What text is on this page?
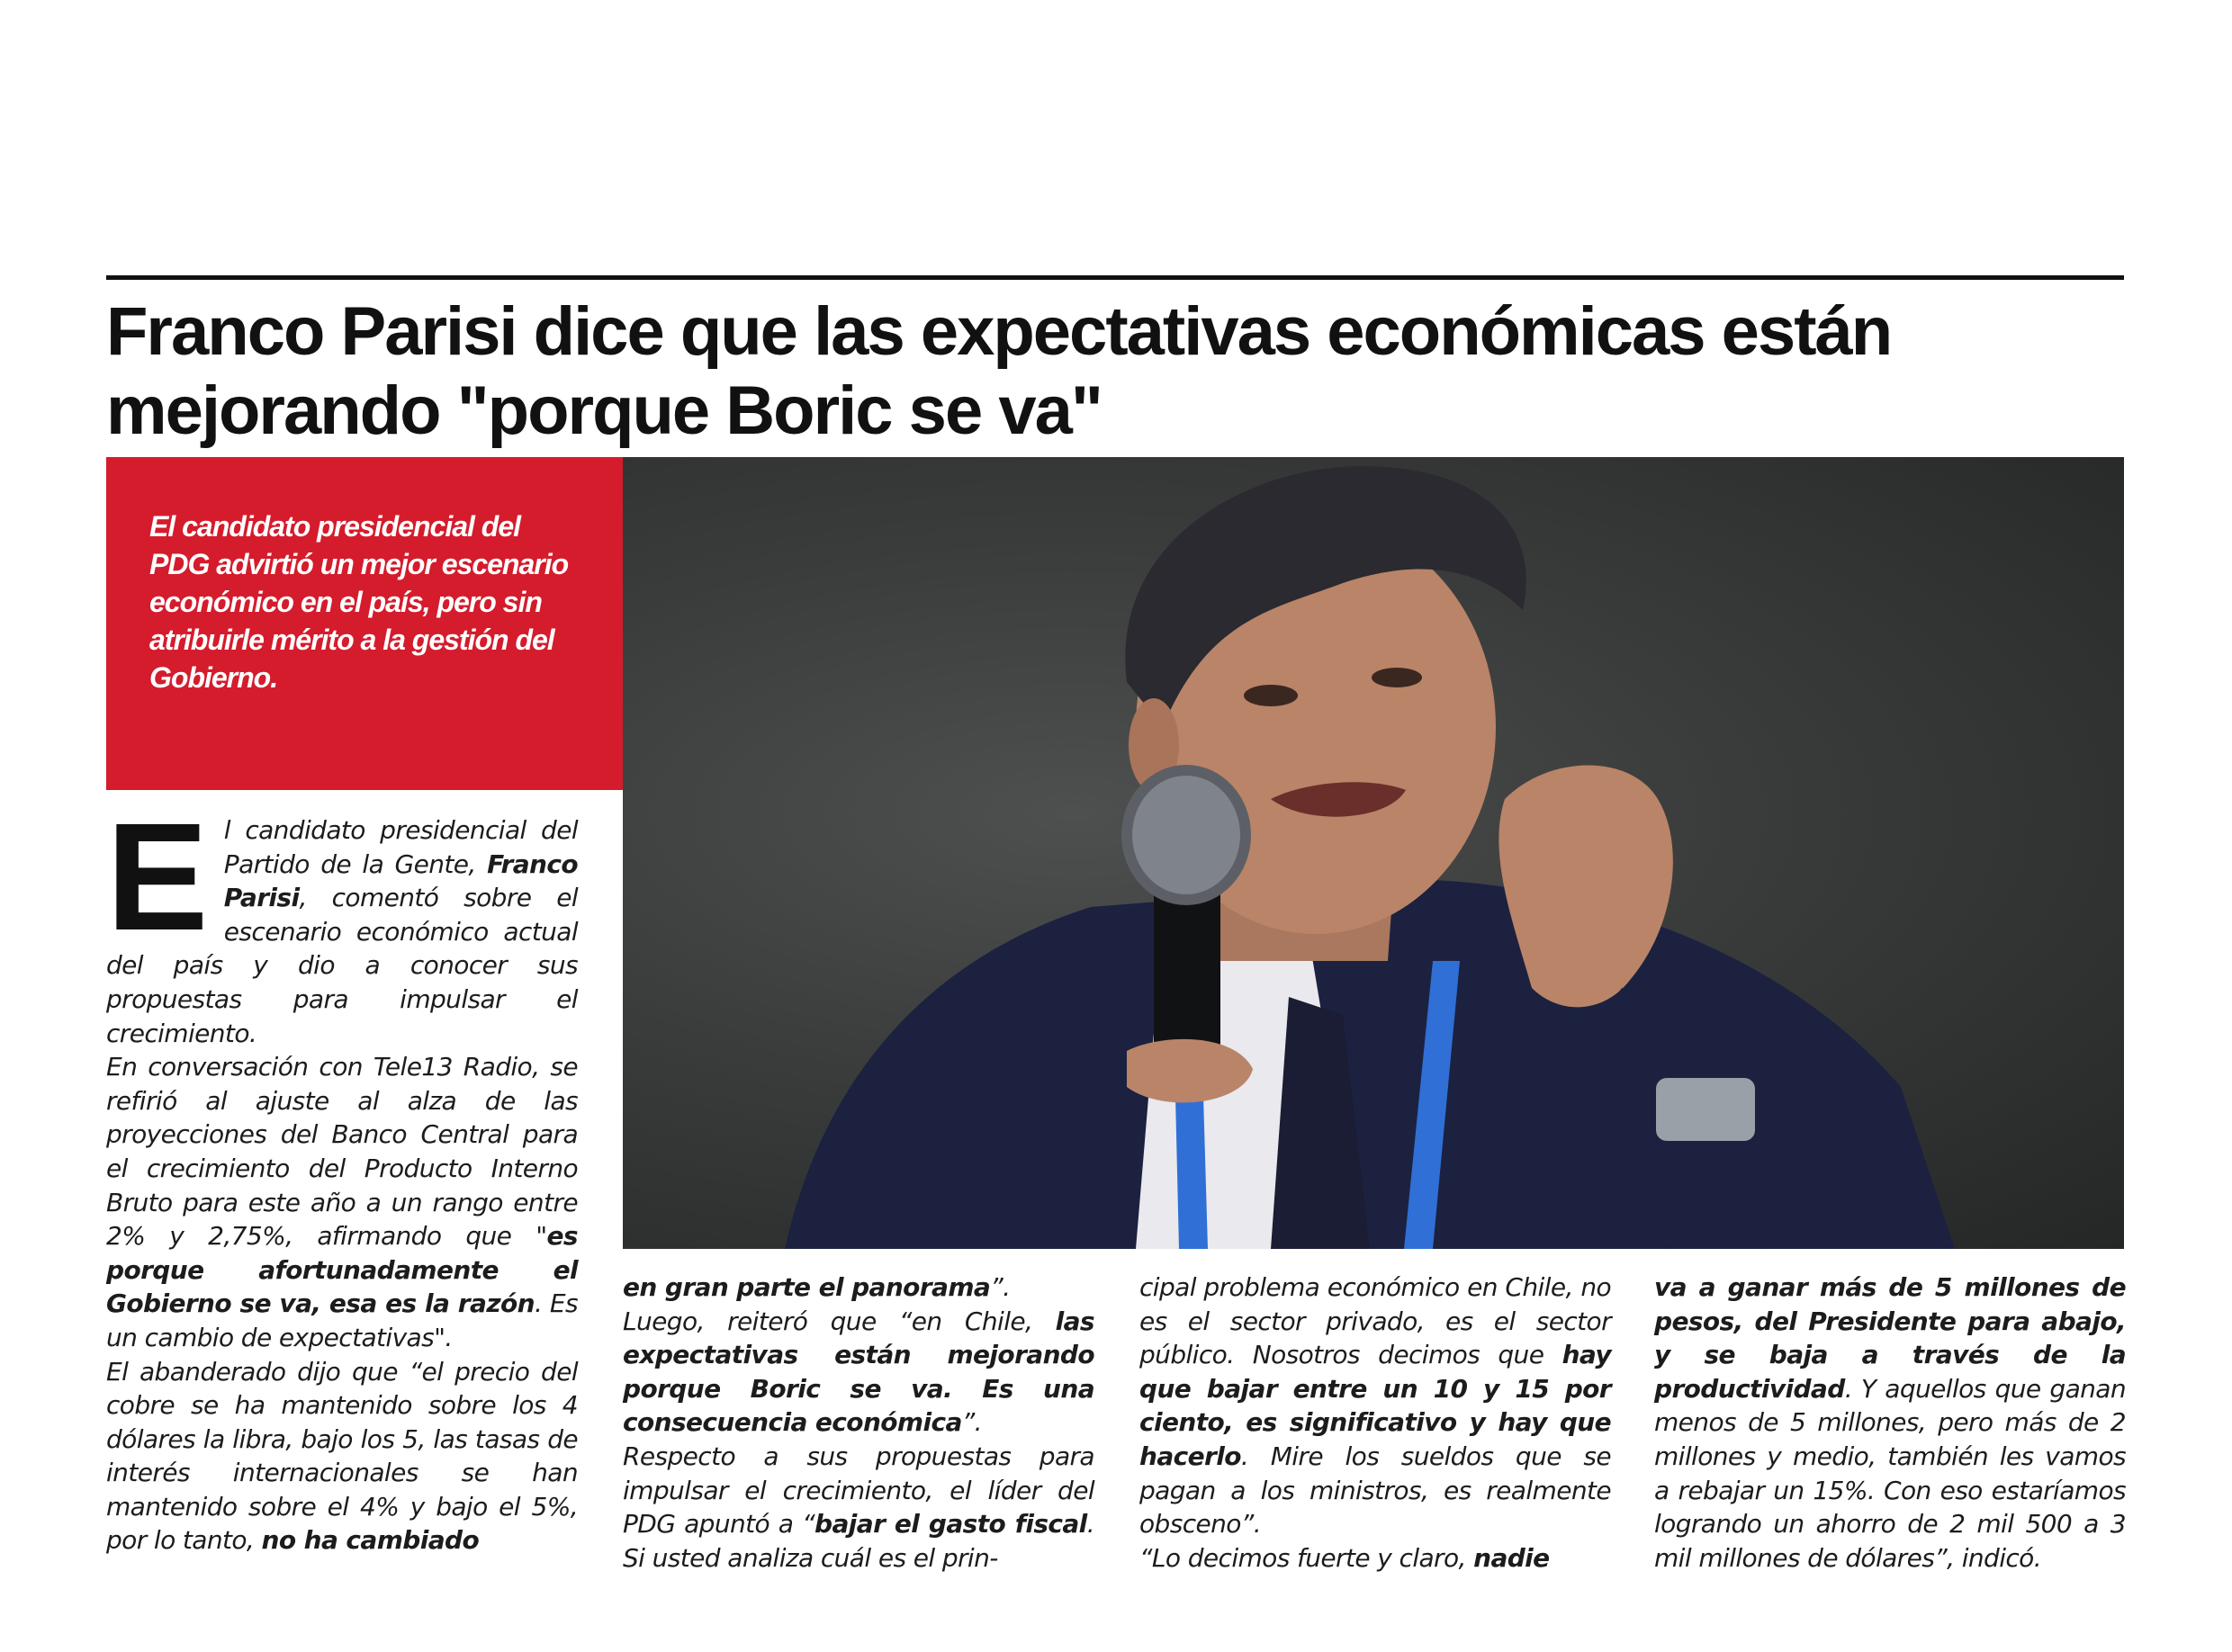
Franco Parisi dice que las expectativas económicas están mejorando "porque Boric se va"

El candidato presidencial del PDG advirtió un mejor escenario económico en el país, pero sin atribuirle mérito a la gestión del Gobierno.

E l candidato presidencial del Partido de la Gente, Franco Parisi, comentó sobre el escenario económico actual del país y dio a conocer sus propuestas para impulsar el crecimiento.

En conversación con Tele13 Radio, se refirió al ajuste al alza de las proyecciones del Banco Central para el crecimiento del Producto Interno Bruto para este año a un rango entre 2% y 2,75%, afirmando que "es porque afortunadamente el Gobierno se va, esa es la razón. Es un cambio de expectativas".

El abanderado dijo que “el precio del cobre se ha mantenido sobre los 4 dólares la libra, bajo los 5, las tasas de interés internacionales se han mantenido sobre el 4% y bajo el 5%, por lo tanto, no ha cambiado

en gran parte el panorama”.

Luego, reiteró que “en Chile, las expectativas están mejorando porque Boric se va. Es una consecuencia económica”.

Respecto a sus propuestas para impulsar el crecimiento, el líder del PDG apuntó a “bajar el gasto fiscal. Si usted analiza cuál es el prin-

cipal problema económico en Chile, no es el sector privado, es el sector público. Nosotros decimos que hay que bajar entre un 10 y 15 por ciento, es significativo y hay que hacerlo. Mire los sueldos que se pagan a los ministros, es realmente obsceno”.

“Lo decimos fuerte y claro, nadie

va a ganar más de 5 millones de pesos, del Presidente para abajo, y se baja a través de la productividad. Y aquellos que ganan menos de 5 millones, pero más de 2 millones y medio, también les vamos a rebajar un 15%. Con eso estaríamos logrando un ahorro de 2 mil 500 a 3 mil millones de dólares”, indicó.
